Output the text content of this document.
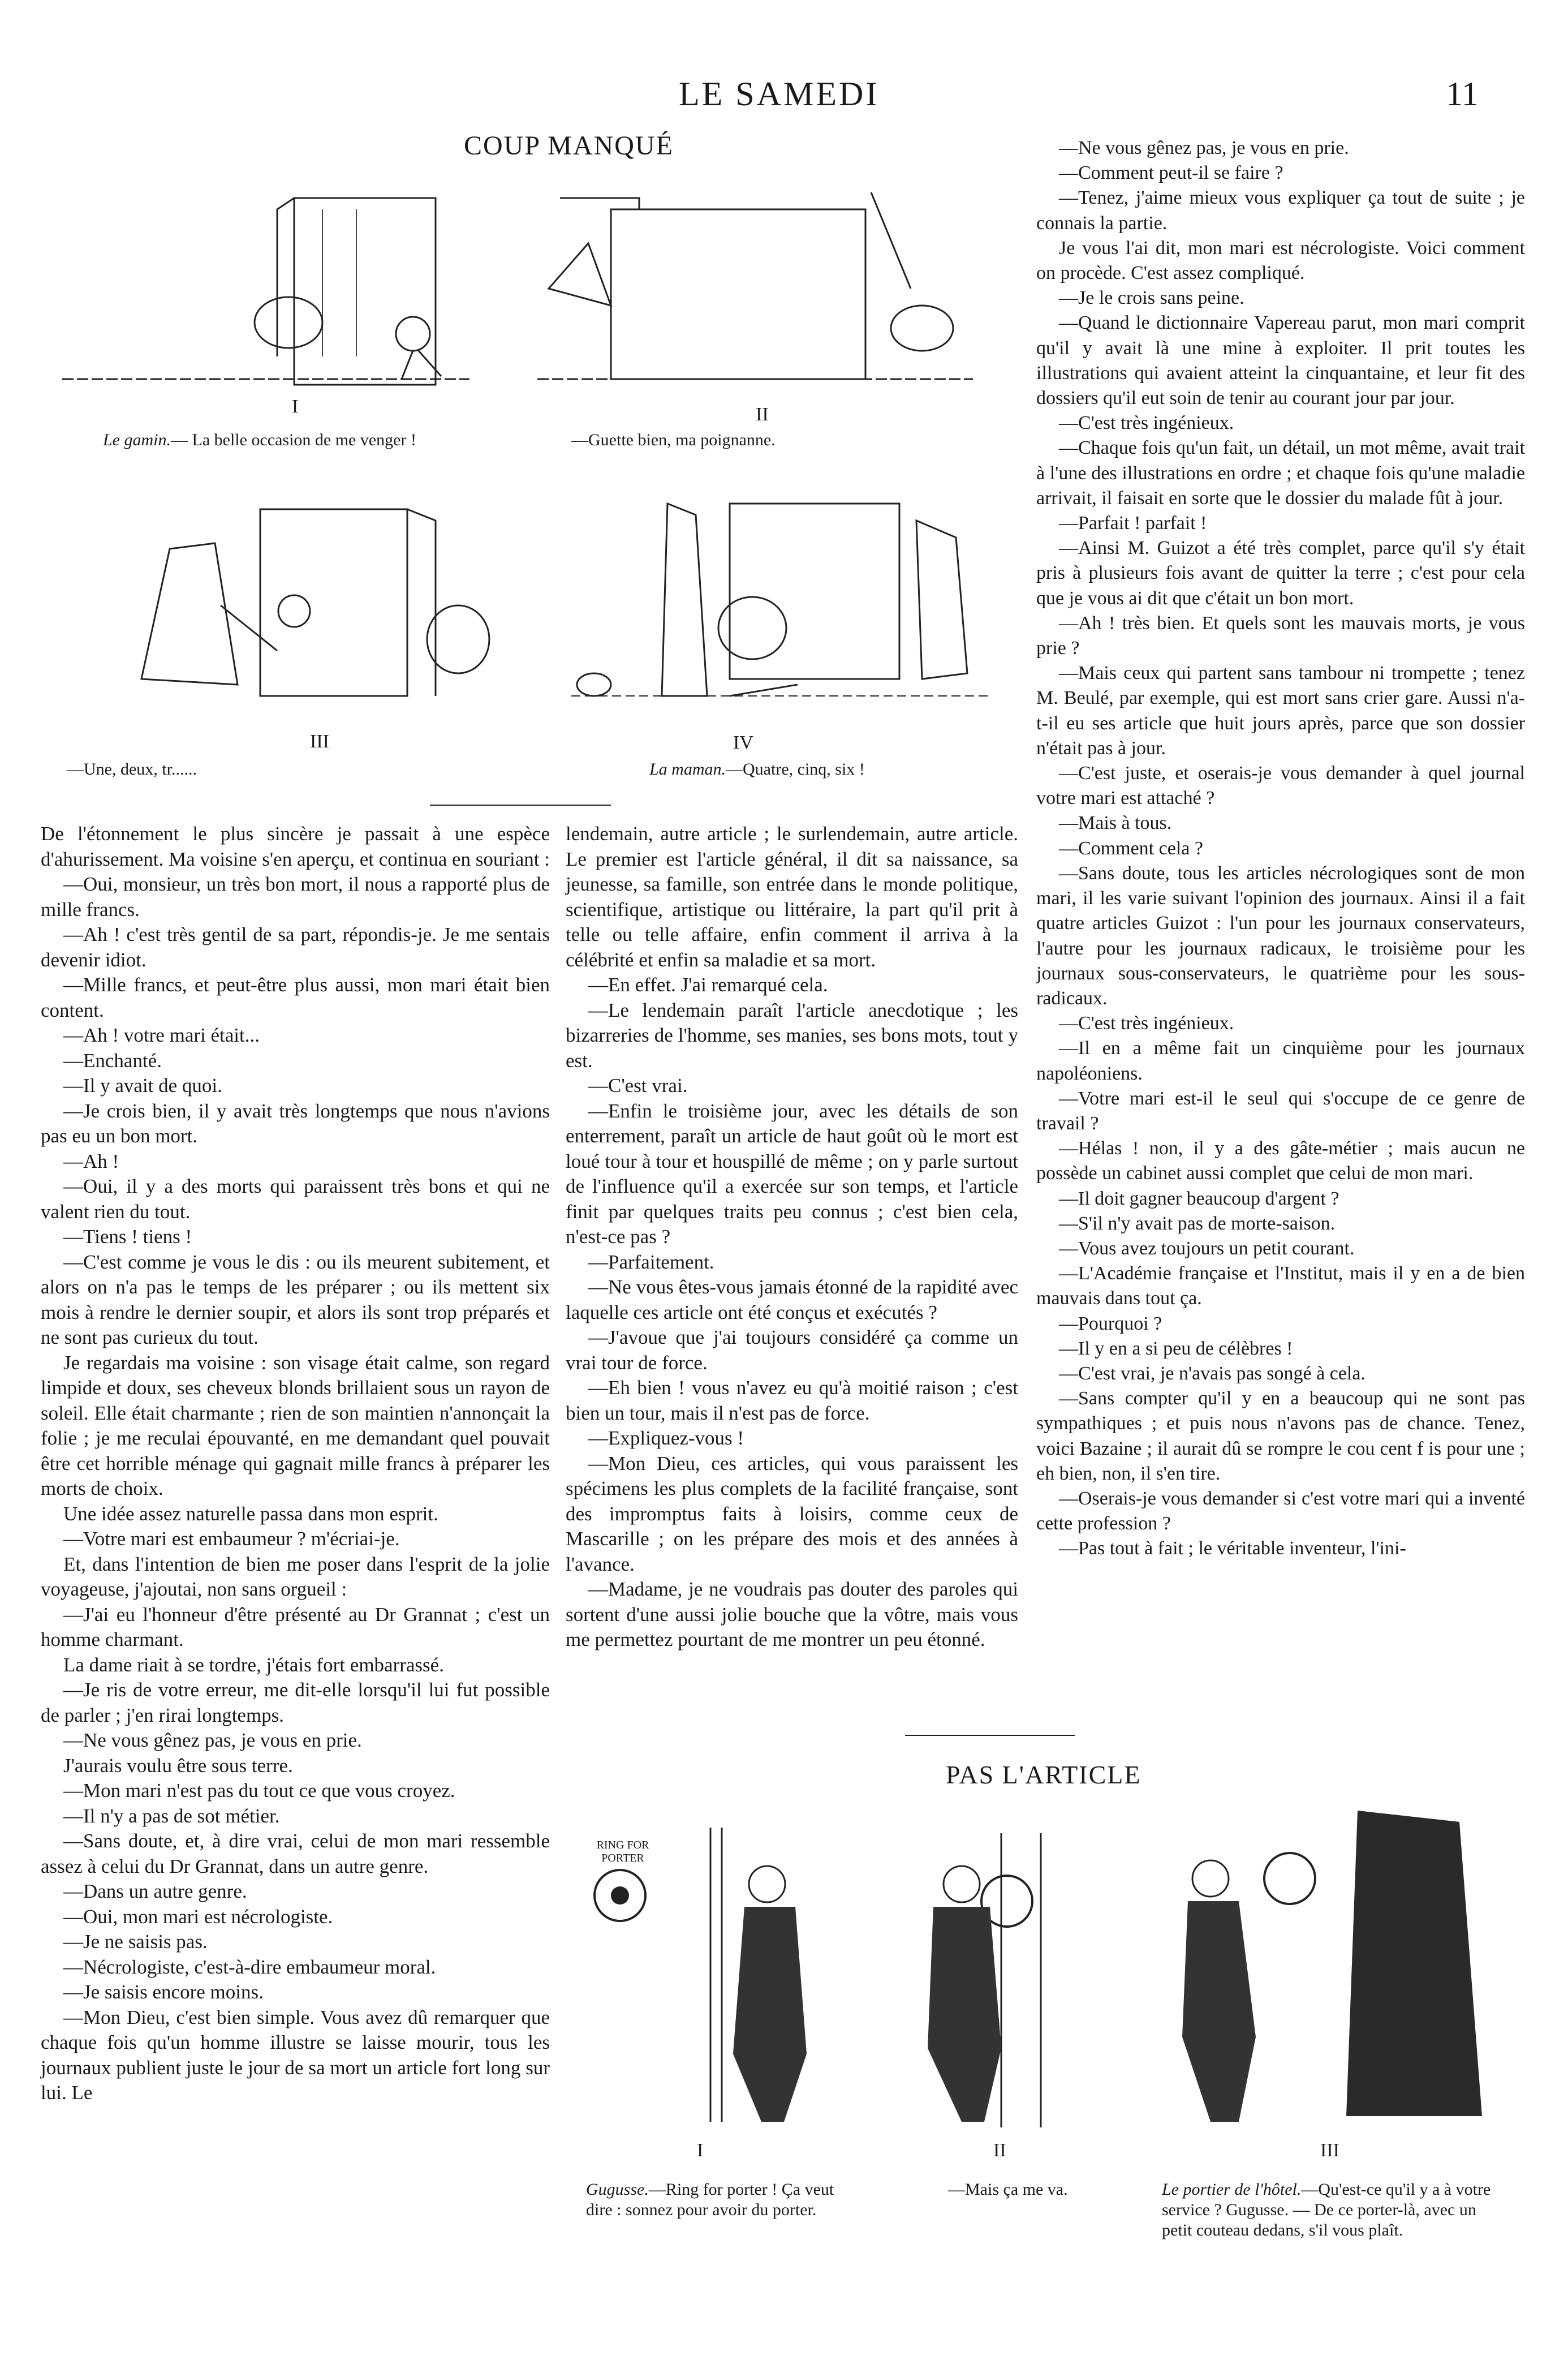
LE SAMEDI	11
COUP MANQUÉ
I
Le gamin.— La belle occasion de me venger !
II
—Guette bien, ma poignanne.
III
—Une, deux, tr......
IV
La maman.—Quatre, cinq, six !

De l'étonnement le plus sincère je passait à une espèce d'ahurissement. Ma voisine s'en aperçu, et continua en souriant :

—Oui, monsieur, un très bon mort, il nous a rapporté plus de mille francs.

—Ah ! c'est très gentil de sa part, répondis-je. Je me sentais devenir idiot.

—Mille francs, et peut-être plus aussi, mon mari était bien content.

—Ah ! votre mari était...

—Enchanté.

—Il y avait de quoi.

—Je crois bien, il y avait très longtemps que nous n'avions pas eu un bon mort.

—Ah !

—Oui, il y a des morts qui paraissent très bons et qui ne valent rien du tout.

—Tiens ! tiens !

—C'est comme je vous le dis : ou ils meurent subitement, et alors on n'a pas le temps de les préparer ; ou ils mettent six mois à rendre le dernier soupir, et alors ils sont trop préparés et ne sont pas curieux du tout.

Je regardais ma voisine : son visage était calme, son regard limpide et doux, ses cheveux blonds brillaient sous un rayon de soleil. Elle était charmante ; rien de son maintien n'annonçait la folie ; je me reculai épouvanté, en me demandant quel pouvait être cet horrible ménage qui gagnait mille francs à préparer les morts de choix.

Une idée assez naturelle passa dans mon esprit.

—Votre mari est embaumeur ? m'écriai-je.

Et, dans l'intention de bien me poser dans l'esprit de la jolie voyageuse, j'ajoutai, non sans orgueil :

—J'ai eu l'honneur d'être présenté au Dr Grannat ; c'est un homme charmant.

La dame riait à se tordre, j'étais fort embarrassé.

—Je ris de votre erreur, me dit-elle lorsqu'il lui fut possible de parler ; j'en rirai longtemps.

—Ne vous gênez pas, je vous en prie.

J'aurais voulu être sous terre.

—Mon mari n'est pas du tout ce que vous croyez.

—Il n'y a pas de sot métier.

—Sans doute, et, à dire vrai, celui de mon mari ressemble assez à celui du Dr Grannat, dans un autre genre.

—Dans un autre genre.

—Oui, mon mari est nécrologiste.

—Je ne saisis pas.

—Nécrologiste, c'est-à-dire embaumeur moral.

—Je saisis encore moins.

—Mon Dieu, c'est bien simple. Vous avez dû remarquer que chaque fois qu'un homme illustre se laisse mourir, tous les journaux publient juste le jour de sa mort un article fort long sur lui. Le

lendemain, autre article ; le surlendemain, autre article. Le premier est l'article général, il dit sa naissance, sa jeunesse, sa famille, son entrée dans le monde politique, scientifique, artistique ou littéraire, la part qu'il prit à telle ou telle affaire, enfin comment il arriva à la célébrité et enfin sa maladie et sa mort.

—En effet. J'ai remarqué cela.

—Le lendemain paraît l'article anecdotique ; les bizarreries de l'homme, ses manies, ses bons mots, tout y est.

—C'est vrai.

—Enfin le troisième jour, avec les détails de son enterrement, paraît un article de haut goût où le mort est loué tour à tour et houspillé de même ; on y parle surtout de l'influence qu'il a exercée sur son temps, et l'article finit par quelques traits peu connus ; c'est bien cela, n'est-ce pas ?

—Parfaitement.

—Ne vous êtes-vous jamais étonné de la rapidité avec laquelle ces article ont été conçus et exécutés ?

—J'avoue que j'ai toujours considéré ça comme un vrai tour de force.

—Eh bien ! vous n'avez eu qu'à moitié raison ; c'est bien un tour, mais il n'est pas de force.

—Expliquez-vous !

—Mon Dieu, ces articles, qui vous paraissent les spécimens les plus complets de la facilité française, sont des impromptus faits à loisirs, comme ceux de Mascarille ; on les prépare des mois et des années à l'avance.

—Madame, je ne voudrais pas douter des paroles qui sortent d'une aussi jolie bouche que la vôtre, mais vous me permettez pourtant de me montrer un peu étonné.

—Ne vous gênez pas, je vous en prie.

—Comment peut-il se faire ?

—Tenez, j'aime mieux vous expliquer ça tout de suite ; je connais la partie.

Je vous l'ai dit, mon mari est nécrologiste. Voici comment on procède. C'est assez compliqué.

—Je le crois sans peine.

—Quand le dictionnaire Vapereau parut, mon mari comprit qu'il y avait là une mine à exploiter. Il prit toutes les illustrations qui avaient atteint la cinquantaine, et leur fit des dossiers qu'il eut soin de tenir au courant jour par jour.

—C'est très ingénieux.

—Chaque fois qu'un fait, un détail, un mot même, avait trait à l'une des illustrations en ordre ; et chaque fois qu'une maladie arrivait, il faisait en sorte que le dossier du malade fût à jour.

—Parfait ! parfait !

—Ainsi M. Guizot a été très complet, parce qu'il s'y était pris à plusieurs fois avant de quitter la terre ; c'est pour cela que je vous ai dit que c'était un bon mort.

—Ah ! très bien. Et quels sont les mauvais morts, je vous prie ?

—Mais ceux qui partent sans tambour ni trompette ; tenez M. Beulé, par exemple, qui est mort sans crier gare. Aussi n'a-t-il eu ses article que huit jours après, parce que son dossier n'était pas à jour.

—C'est juste, et oserais-je vous demander à quel journal votre mari est attaché ?

—Mais à tous.

—Comment cela ?

—Sans doute, tous les articles nécrologiques sont de mon mari, il les varie suivant l'opinion des journaux. Ainsi il a fait quatre articles Guizot : l'un pour les journaux conservateurs, l'autre pour les journaux radicaux, le troisième pour les journaux sous-conservateurs, le quatrième pour les sous-radicaux.

—C'est très ingénieux.

—Il en a même fait un cinquième pour les journaux napoléoniens.

—Votre mari est-il le seul qui s'occupe de ce genre de travail ?

—Hélas ! non, il y a des gâte-métier ; mais aucun ne possède un cabinet aussi complet que celui de mon mari.

—Il doit gagner beaucoup d'argent ?

—S'il n'y avait pas de morte-saison.

—Vous avez toujours un petit courant.

—L'Académie française et l'Institut, mais il y en a de bien mauvais dans tout ça.

—Pourquoi ?

—Il y en a si peu de célèbres !

—C'est vrai, je n'avais pas songé à cela.

—Sans compter qu'il y en a beaucoup qui ne sont pas sympathiques ; et puis nous n'avons pas de chance. Tenez, voici Bazaine ; il aurait dû se rompre le cou cent f is pour une ; eh bien, non, il s'en tire.

—Oserais-je vous demander si c'est votre mari qui a inventé cette profession ?

—Pas tout à fait ; le véritable inventeur, l'ini-

PAS L'ARTICLE
RING FOR PORTER
I
Gugusse.—Ring for porter ! Ça veut dire : sonnez pour avoir du porter.
II
—Mais ça me va.
III
Le portier de l'hôtel.—Qu'est-ce qu'il y a à votre service ? Gugusse. — De ce porter-là, avec un petit couteau dedans, s'il vous plaît.
